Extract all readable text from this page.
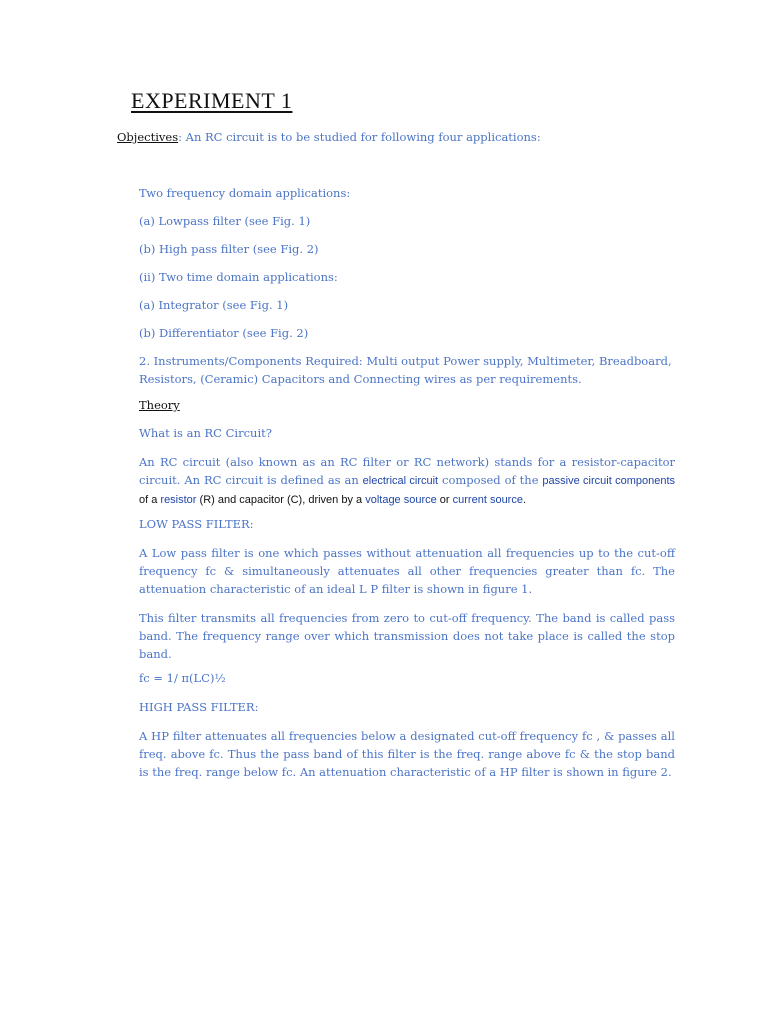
EXPERIMENT 1
Objectives: An RC circuit is to be studied for following four applications:
Two frequency domain applications:
(a) Lowpass filter (see Fig. 1)
(b) High pass filter (see Fig. 2)
(ii) Two time domain applications:
(a) Integrator (see Fig. 1)
(b) Differentiator (see Fig. 2)

2. Instruments/Components Required: Multi output Power supply, Multimeter, Breadboard, Resistors, (Ceramic) Capacitors and Connecting wires as per requirements.

Theory
What is an RC Circuit?

An RC circuit (also known as an RC filter or RC network) stands for a resistor-capacitor circuit. An RC circuit is defined as an electrical circuit composed of the passive circuit components of a resistor (R) and capacitor (C), driven by a voltage source or current source.

LOW PASS FILTER:

A Low pass filter is one which passes without attenuation all frequencies up to the cut-off frequency fc & simultaneously attenuates all other frequencies greater than fc. The attenuation characteristic of an ideal L P filter is shown in figure 1.

This filter transmits all frequencies from zero to cut-off frequency. The band is called pass band. The frequency range over which transmission does not take place is called the stop band.

fc = 1/ π(LC)½
HIGH PASS FILTER:

A HP filter attenuates all frequencies below a designated cut-off frequency fc , & passes all freq. above fc. Thus the pass band of this filter is the freq. range above fc & the stop band is the freq. range below fc. An attenuation characteristic of a HP filter is shown in figure 2.
